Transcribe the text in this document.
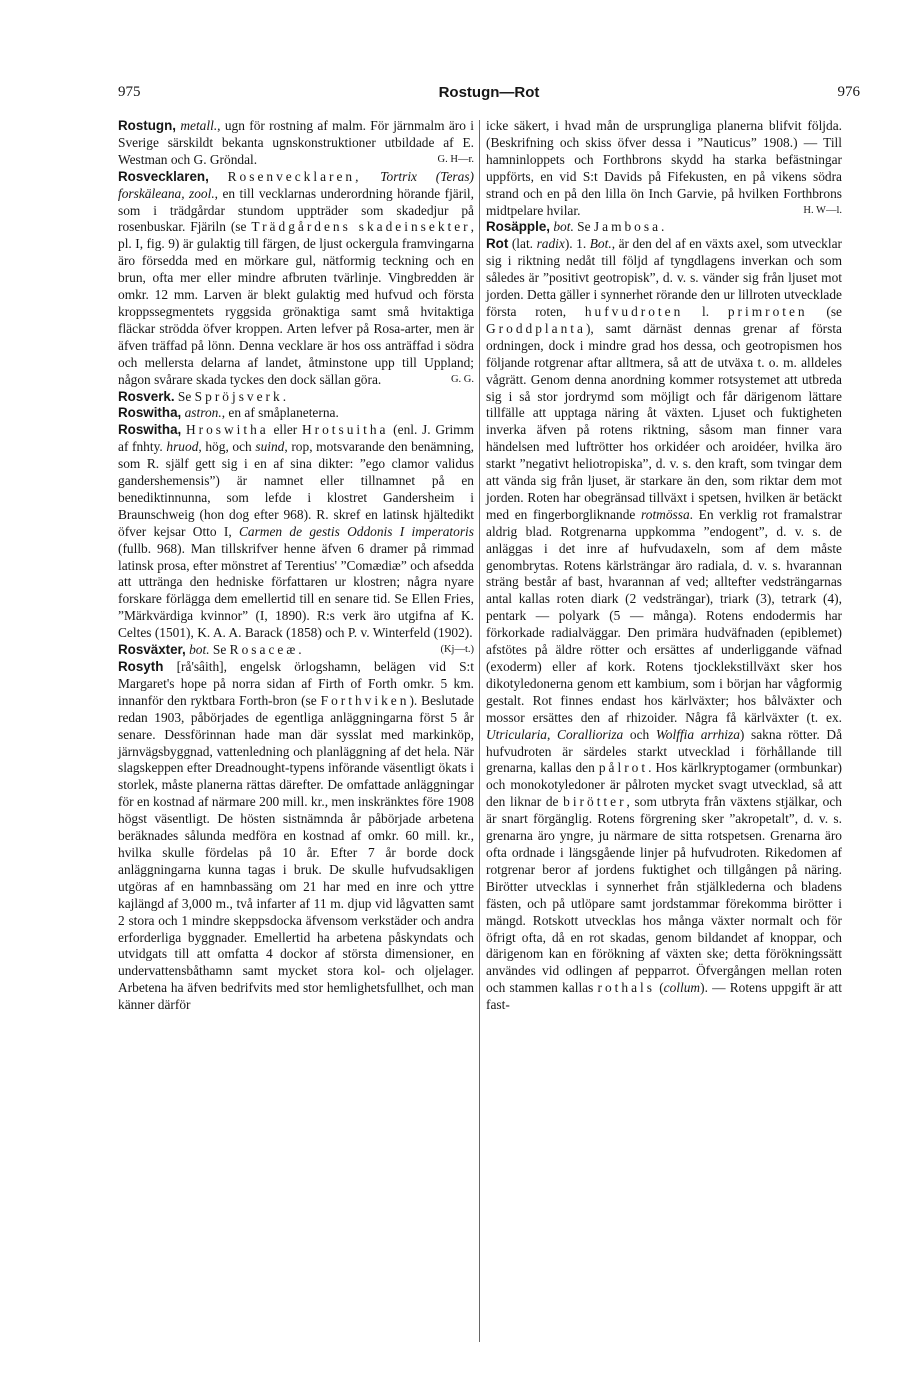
975	Rostugn—Rot	976

Rostugn, metall., ugn för rostning af malm. För järnmalm äro i Sverige särskildt bekanta ugnskonstruktioner utbildade af E. Westman och G. Gröndal.	G. H—r.

Rosvecklaren, Rosenvecklaren, Tortrix (Teras) forskäleana, zool., en till vecklarnas underordning hörande fjäril, som i trädgårdar stundom uppträder som skadedjur på rosenbuskar. Fjäriln (se Trädgårdens skadeinsekter, pl. I, fig. 9) är gulaktig till färgen, de ljust ockergula framvingarna äro försedda med en mörkare gul, nätformig teckning och en brun, ofta mer eller mindre afbruten tvärlinje. Vingbredden är omkr. 12 mm. Larven är blekt gulaktig med hufvud och första kroppssegmentets ryggsida grönaktiga samt små hvitaktiga fläckar strödda öfver kroppen. Arten lefver på Rosa-arter, men är äfven träffad på lönn. Denna vecklare är hos oss anträffad i södra och mellersta delarna af landet, åtminstone upp till Uppland; någon svårare skada tyckes den dock sällan göra.	G. G.

Rosverk. Se Spröjsverk.

Roswitha, astron., en af småplaneterna.

Roswitha, Hroswitha eller Hrotsuitha (enl. J. Grimm af fnhty. hruod, hög, och suind, rop, motsvarande den benämning, som R. själf gett sig i en af sina dikter: ”ego clamor validus gandershemensis”) är namnet eller tillnamnet på en benediktinnunna, som lefde i klostret Gandersheim i Braunschweig (hon dog efter 968). R. skref en latinsk hjältedikt öfver kejsar Otto I, Carmen de gestis Oddonis I imperatoris (fullb. 968). Man tillskrifver henne äfven 6 dramer på rimmad latinsk prosa, efter mönstret af Terentius' ”Comædiæ” och afsedda att uttränga den hedniske författaren ur klostren; några nyare forskare förlägga dem emellertid till en senare tid. Se Ellen Fries, ”Märkvärdiga kvinnor” (I, 1890). R:s verk äro utgifna af K. Celtes (1501), K. A. A. Barack (1858) och P. v. Winterfeld (1902).
(Kj—t.)

Rosväxter, bot. Se Rosaceæ.

Rosyth [rå'sâith], engelsk örlogshamn, belägen vid S:t Margaret's hope på norra sidan af Firth of Forth omkr. 5 km. innanför den ryktbara Forth-bron (se Forthviken). Beslutade redan 1903, påbörjades de egentliga anläggningarna först 5 år senare. Dessförinnan hade man där sysslat med markinköp, järnvägsbyggnad, vattenledning och planläggning af det hela. När slagskeppen efter Dreadnought-typens införande väsentligt ökats i storlek, måste planerna rättas därefter. De omfattade anläggningar för en kostnad af närmare 200 mill. kr., men inskränktes före 1908 högst väsentligt. De hösten sistnämnda år påbörjade arbetena beräknades sålunda medföra en kostnad af omkr. 60 mill. kr., hvilka skulle fördelas på 10 år. Efter 7 år borde dock anläggningarna kunna tagas i bruk. De skulle hufvudsakligen utgöras af en hamnbassäng om 21 har med en inre och yttre kajlängd af 3,000 m., två infarter af 11 m. djup vid lågvatten samt 2 stora och 1 mindre skeppsdocka äfvensom verkstäder och andra erforderliga byggnader. Emellertid ha arbetena påskyndats och utvidgats till att omfatta 4 dockor af största dimensioner, en undervattensbåthamn samt mycket stora kol- och oljelager. Arbetena ha äfven bedrifvits med stor hemlighetsfullhet, och man känner därför

icke säkert, i hvad mån de ursprungliga planerna blifvit följda. (Beskrifning och skiss öfver dessa i ”Nauticus” 1908.) — Till hamninloppets och Forthbrons skydd ha starka befästningar uppförts, en vid S:t Davids på Fifekusten, en på vikens södra strand och en på den lilla ön Inch Garvie, på hvilken Forthbrons midtpelare hvilar.	H. W—l.

Rosäpple, bot. Se Jambosa.

Rot (lat. radix). 1. Bot., är den del af en växts axel, som utvecklar sig i riktning nedåt till följd af tyngdlagens inverkan och som således är ”positivt geotropisk”, d. v. s. vänder sig från ljuset mot jorden. Detta gäller i synnerhet rörande den ur lillroten utvecklade första roten, hufvudroten l. primroten (se Groddplanta), samt därnäst dennas grenar af första ordningen, dock i mindre grad hos dessa, och geotropismen hos följande rotgrenar aftar alltmera, så att de utväxa t. o. m. alldeles vågrätt. Genom denna anordning kommer rotsystemet att utbreda sig i så stor jordrymd som möjligt och får därigenom lättare tillfälle att upptaga näring åt växten. Ljuset och fuktigheten inverka äfven på rotens riktning, såsom man finner vara händelsen med luftrötter hos orkidéer och aroidéer, hvilka äro starkt ”negativt heliotropiska”, d. v. s. den kraft, som tvingar dem att vända sig från ljuset, är starkare än den, som riktar dem mot jorden. Roten har obegränsad tillväxt i spetsen, hvilken är betäckt med en fingerborgliknande rotmössa. En verklig rot framalstrar aldrig blad. Rotgrenarna uppkomma ”endogent”, d. v. s. de anläggas i det inre af hufvudaxeln, som af dem måste genombrytas. Rotens kärlsträngar äro radiala, d. v. s. hvarannan sträng består af bast, hvarannan af ved; alltefter vedsträngarnas antal kallas roten diark (2 vedsträngar), triark (3), tetrark (4), pentark — polyark (5 — många). Rotens endodermis har förkorkade radialväggar. Den primära hudväfnaden (epiblemet) afstötes på äldre rötter och ersättes af underliggande väfnad (exoderm) eller af kork. Rotens tjocklekstillväxt sker hos dikotyledonerna genom ett kambium, som i början har vågformig gestalt. Rot finnes endast hos kärlväxter; hos bålväxter och mossor ersättes den af rhizoider. Några få kärlväxter (t. ex. Utricularia, Corallioriza och Wolffia arrhiza) sakna rötter. Då hufvudroten är särdeles starkt utvecklad i förhållande till grenarna, kallas den pålrot. Hos kärlkryptogamer (ormbunkar) och monokotyledoner är pålroten mycket svagt utvecklad, så att den liknar de birötter, som utbryta från växtens stjälkar, och är snart förgänglig. Rotens förgrening sker ”akropetalt”, d. v. s. grenarna äro yngre, ju närmare de sitta rotspetsen. Grenarna äro ofta ordnade i längsgående linjer på hufvudroten. Rikedomen af rotgrenar beror af jordens fuktighet och tillgången på näring. Birötter utvecklas i synnerhet från stjälklederna och bladens fästen, och på utlöpare samt jordstammar förekomma birötter i mängd. Rotskott utvecklas hos många växter normalt och för öfrigt ofta, då en rot skadas, genom bildandet af knoppar, och därigenom kan en förökning af växten ske; detta förökningssätt användes vid odlingen af pepparrot. Öfvergången mellan roten och stammen kallas rothals (collum). — Rotens uppgift är att fast-
